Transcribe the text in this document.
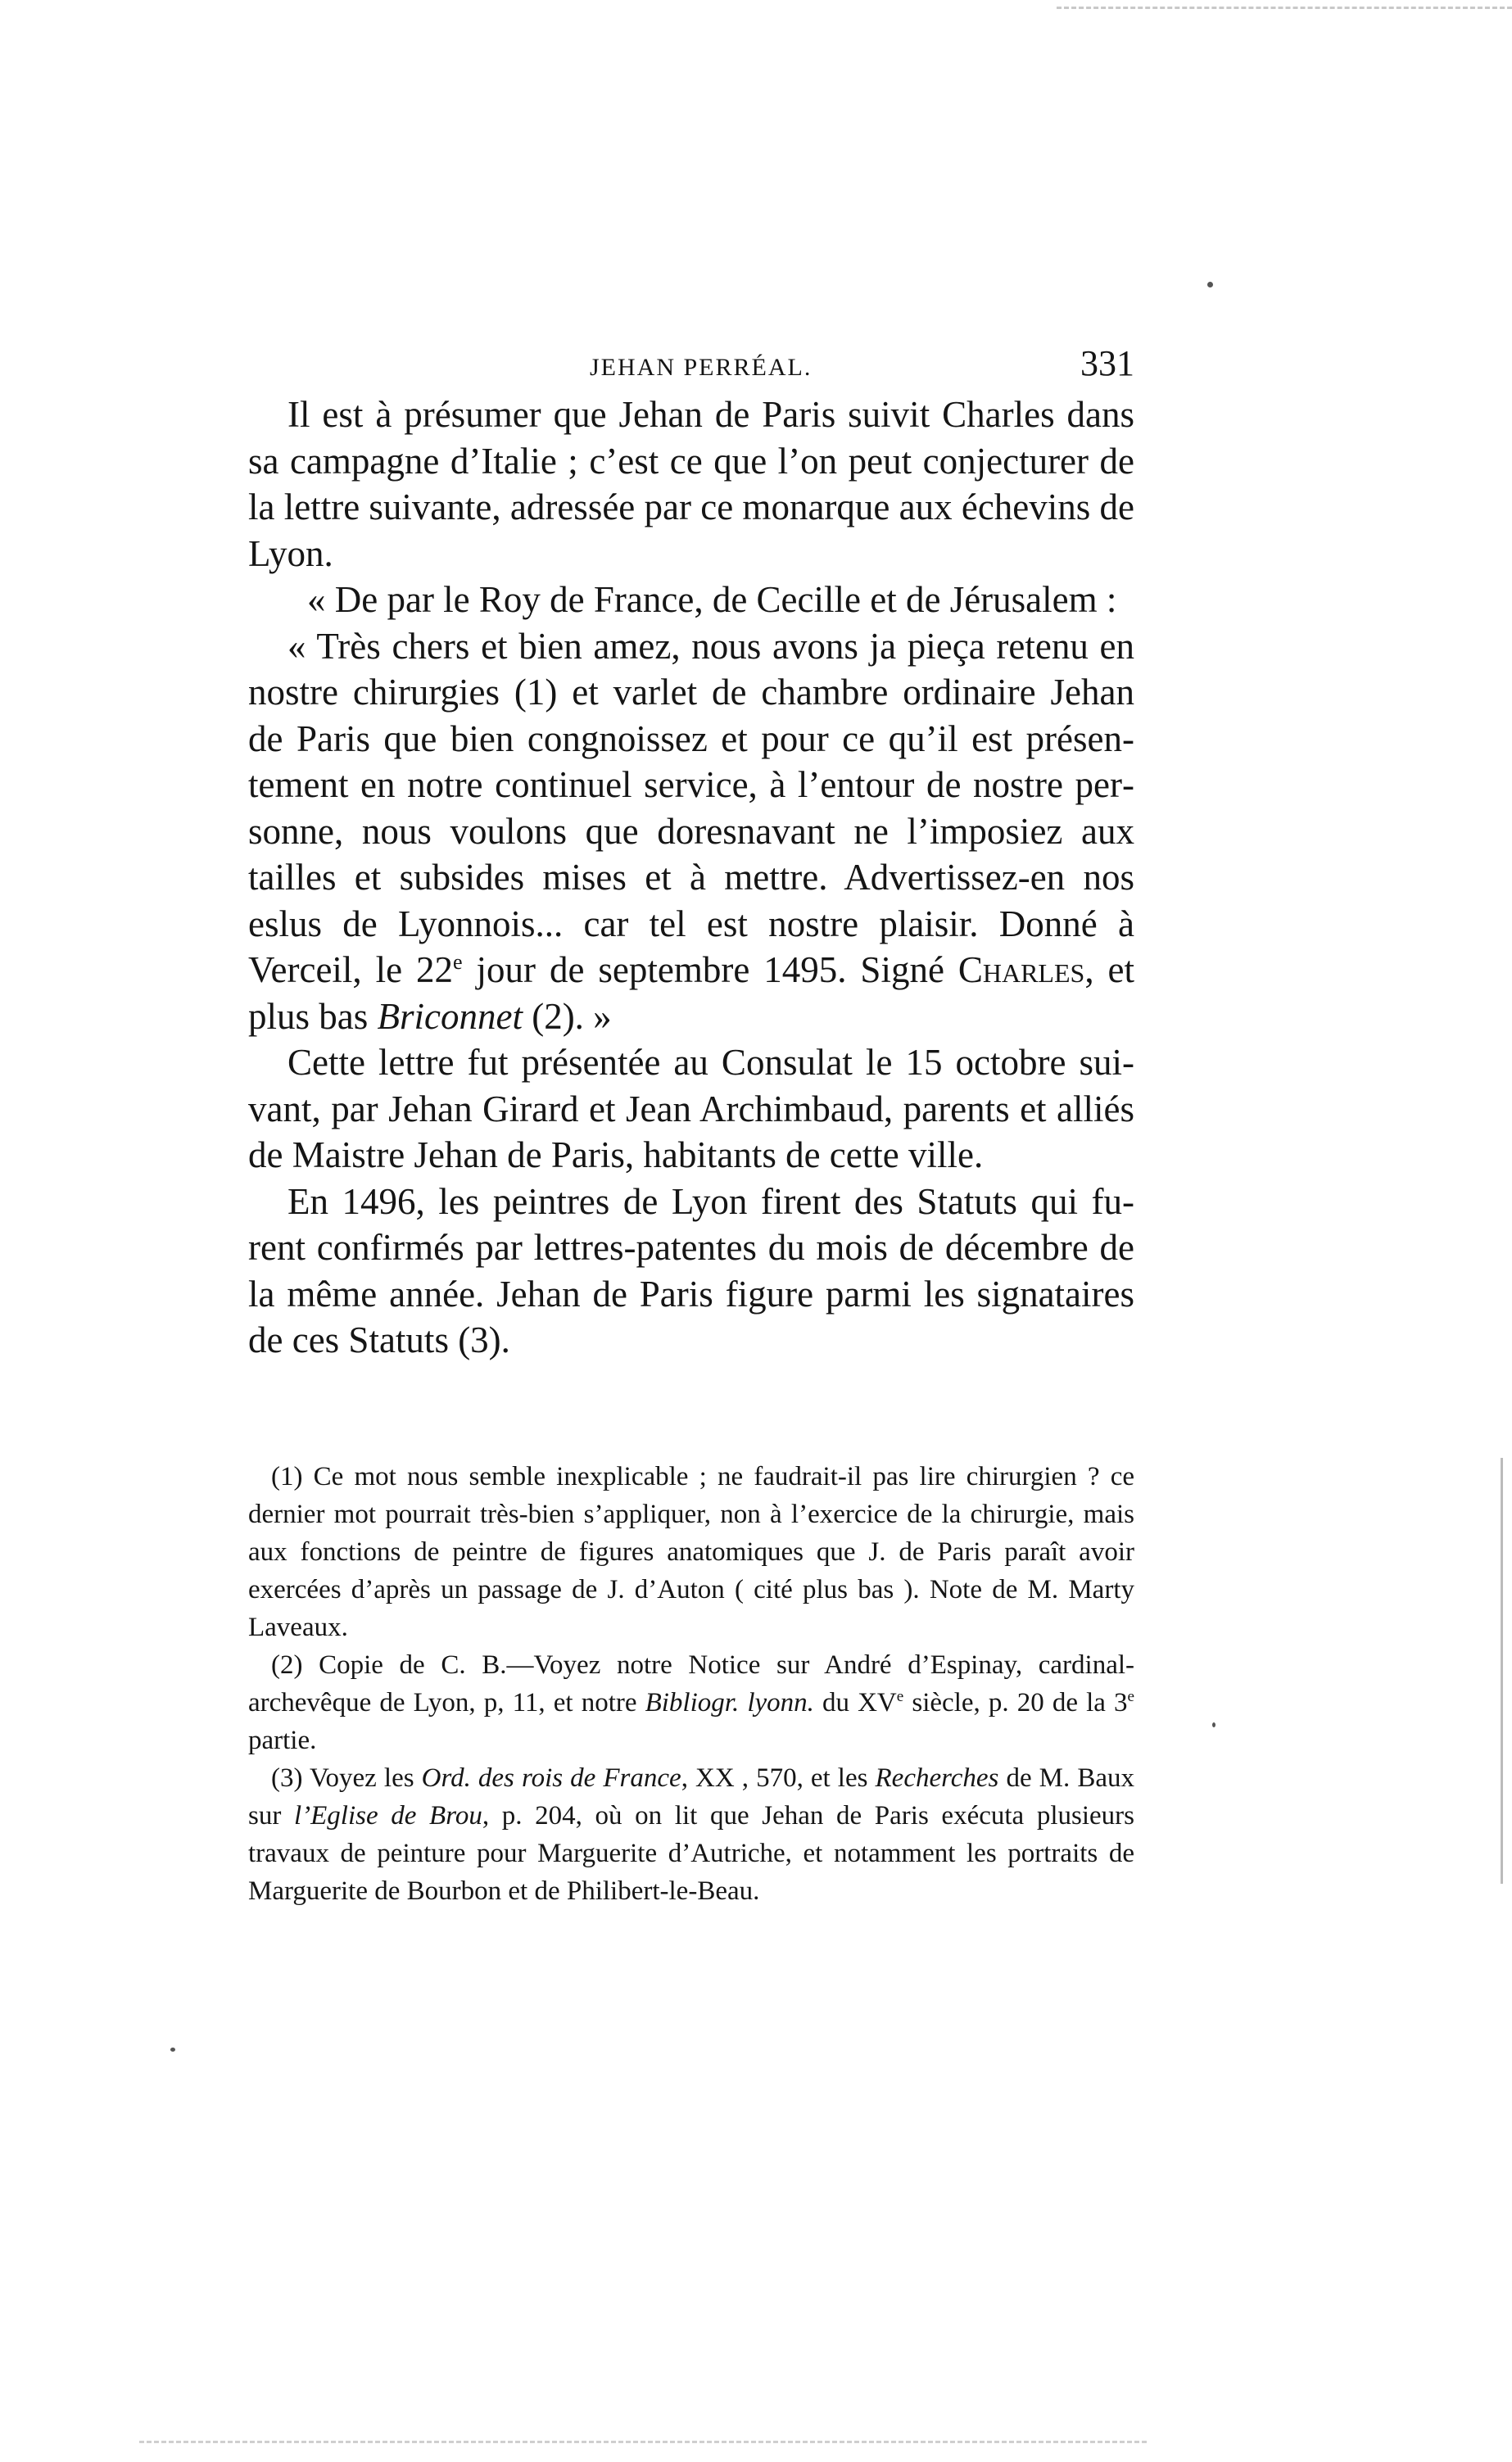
JEHAN PERRÉAL.	331

Il est à présumer que Jehan de Paris suivit Charles dans sa campagne d’Italie ; c’est ce que l’on peut conjecturer de la lettre suivante, adressée par ce monarque aux échevins de Lyon.

« De par le Roy de France, de Cecille et de Jérusalem :

« Très chers et bien amez, nous avons ja pieça retenu en nostre chirurgies (1) et varlet de chambre ordinaire Jehan de Paris que bien congnoissez et pour ce qu’il est présentement en notre continuel service, à l’entour de nostre personne, nous voulons que doresnavant ne l’imposiez aux tailles et subsides mises et à mettre. Advertissez-en nos eslus de Lyonnois... car tel est nostre plaisir. Donné à Verceil, le 22e jour de septembre 1495. Signé Charles, et plus bas Briconnet (2). »

Cette lettre fut présentée au Consulat le 15 octobre suivant, par Jehan Girard et Jean Archimbaud, parents et alliés de Maistre Jehan de Paris, habitants de cette ville.

En 1496, les peintres de Lyon firent des Statuts qui furent confirmés par lettres-patentes du mois de décembre de la même année. Jehan de Paris figure parmi les signataires de ces Statuts (3).

(1) Ce mot nous semble inexplicable ; ne faudrait-il pas lire chirurgien ? ce dernier mot pourrait très-bien s’appliquer, non à l’exercice de la chirurgie, mais aux fonctions de peintre de figures anatomiques que J. de Paris paraît avoir exercées d’après un passage de J. d’Auton ( cité plus bas ). Note de M. Marty Laveaux.

(2) Copie de C. B.—Voyez notre Notice sur André d’Espinay, cardinal-archevêque de Lyon, p, 11, et notre Bibliogr. lyonn. du XVe siècle, p. 20 de la 3e partie.

(3) Voyez les Ord. des rois de France, XX , 570, et les Recherches de M. Baux sur l’Eglise de Brou, p. 204, où on lit que Jehan de Paris exécuta plusieurs travaux de peinture pour Marguerite d’Autriche, et notamment les portraits de Marguerite de Bourbon et de Philibert-le-Beau.
